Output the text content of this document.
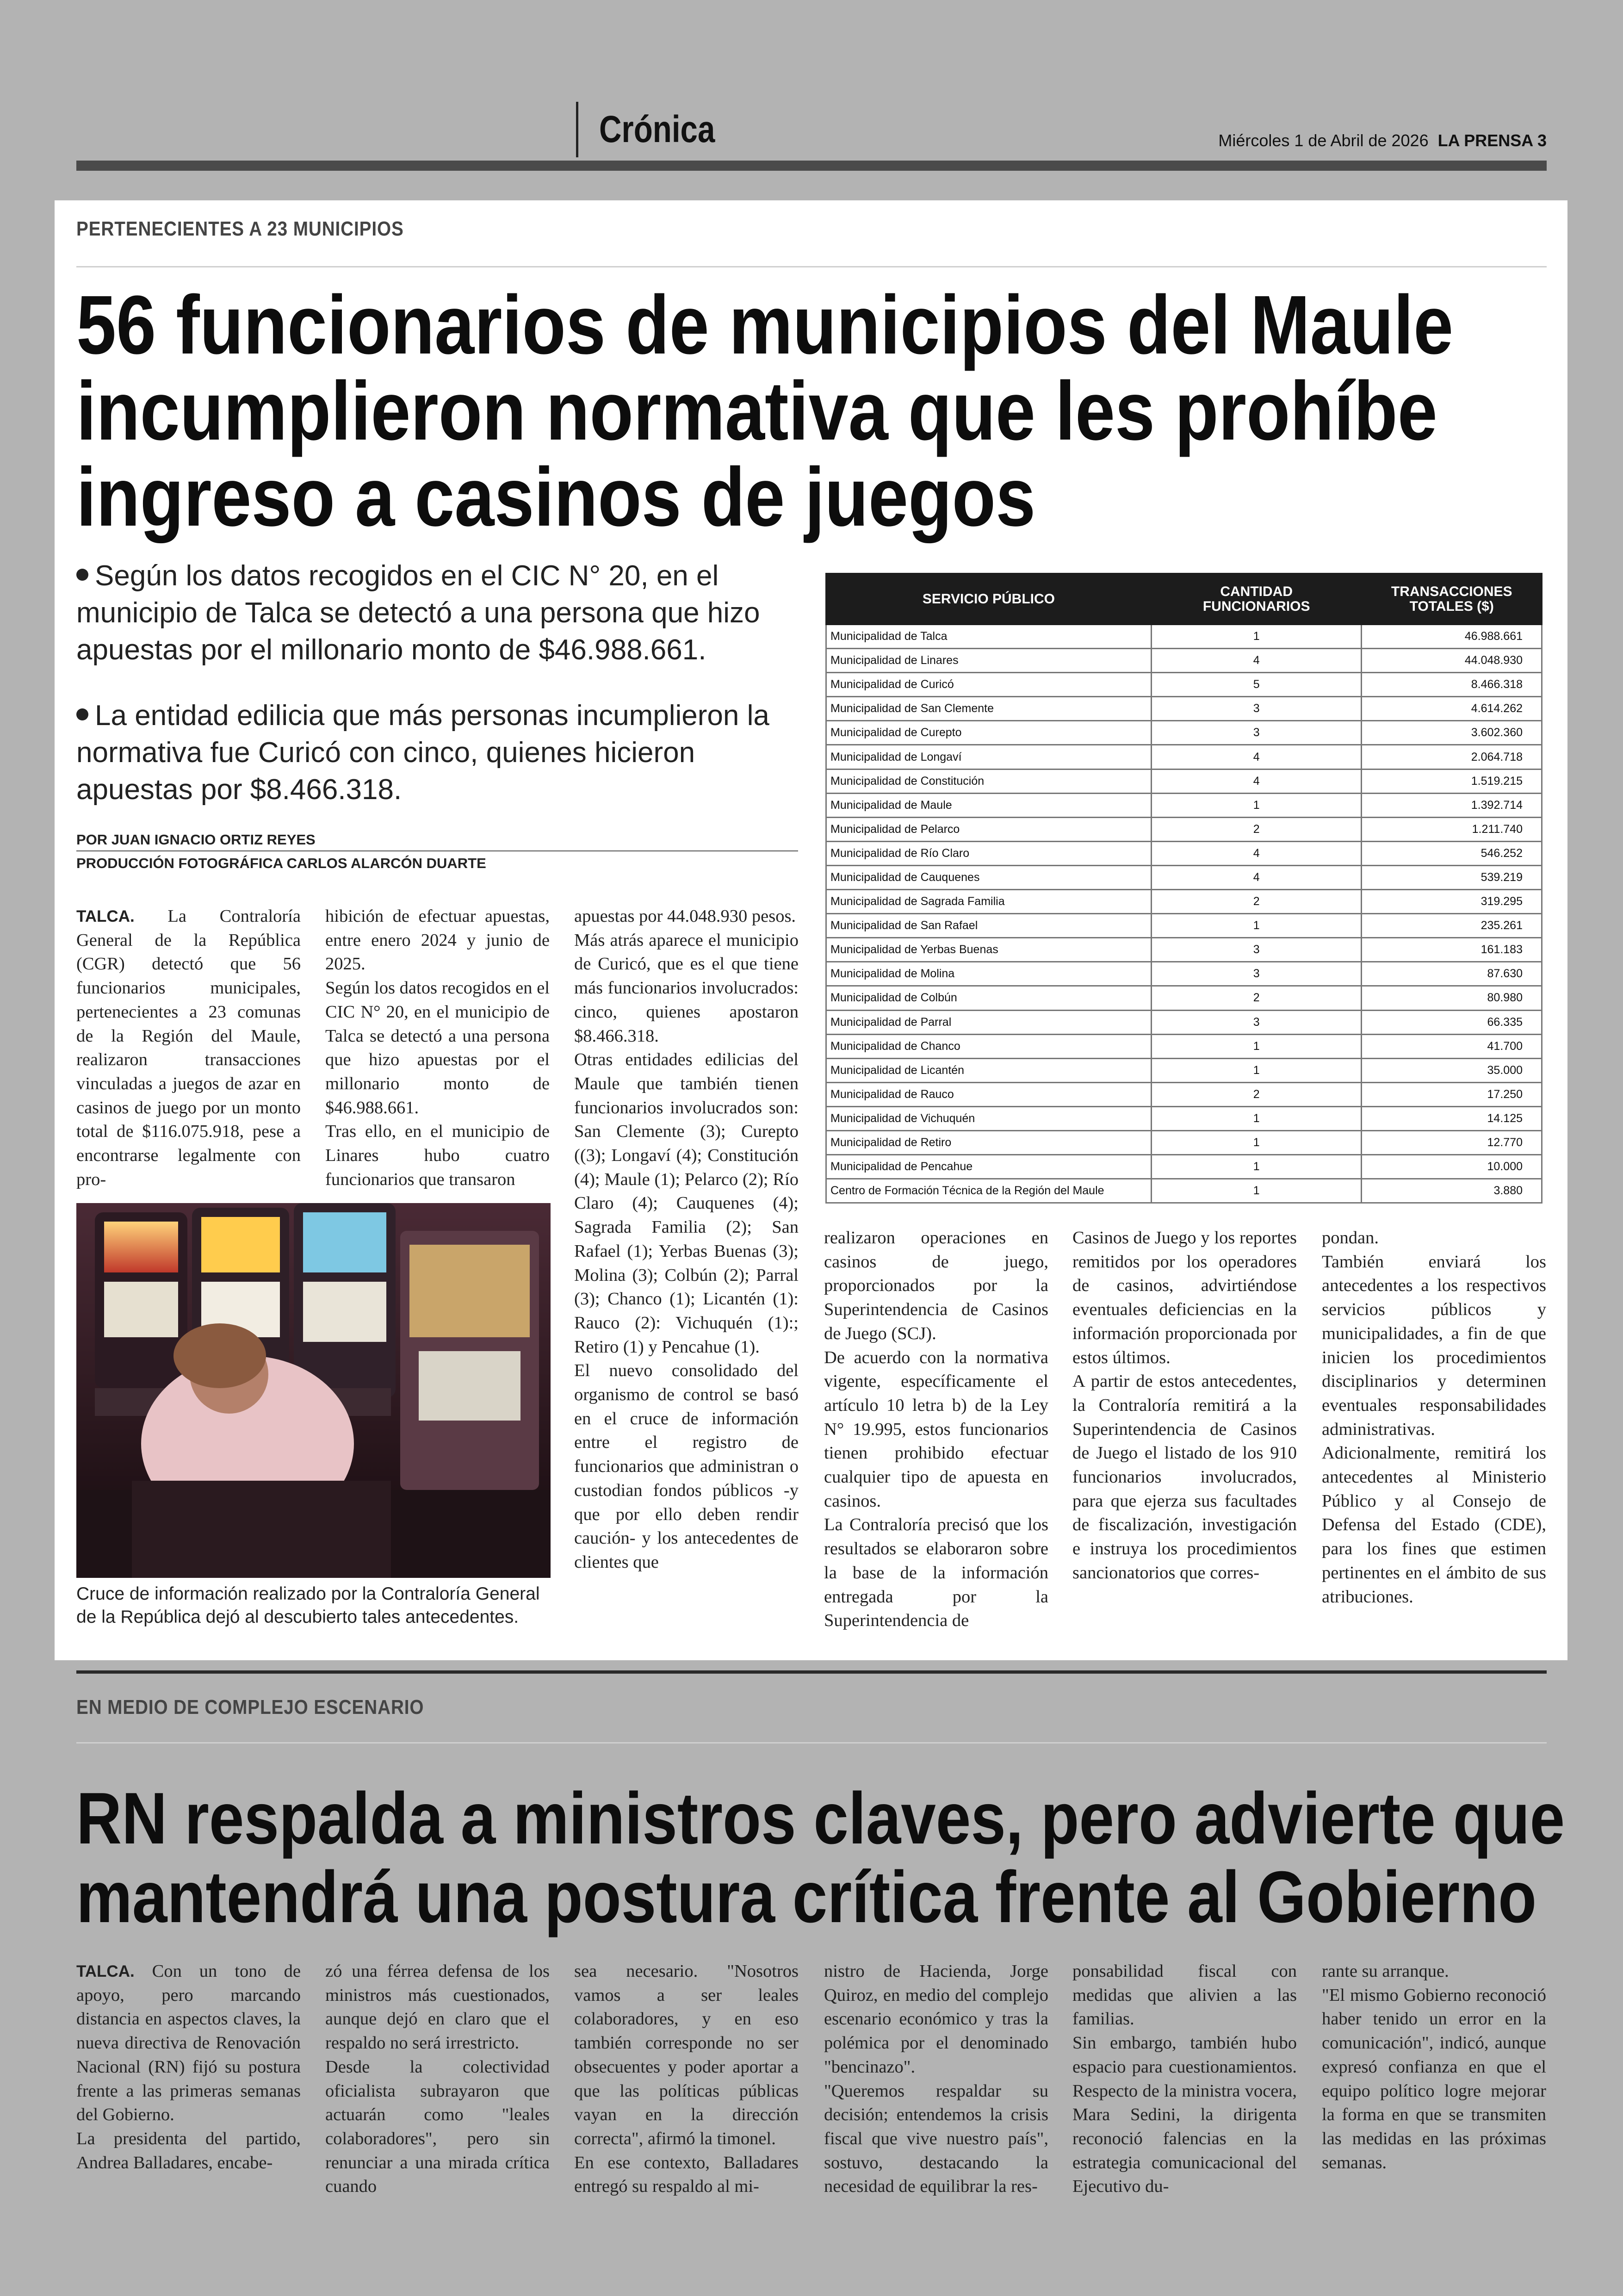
Crónica	Miércoles 1 de Abril de 2026 LA PRENSA 3
PERTENECIENTES A 23 MUNICIPIOS
56 funcionarios de municipios del Maule
incumplieron normativa que les prohíbe
ingreso a casinos de juegos

Según los datos recogidos en el CIC N° 20, en el municipio de Talca se detectó a una persona que hizo apuestas por el millonario monto de $46.988.661.

La entidad edilicia que más personas incumplieron la normativa fue Curicó con cinco, quienes hicieron apuestas por $8.466.318.

POR JUAN IGNACIO ORTIZ REYES
PRODUCCIÓN FOTOGRÁFICA CARLOS ALARCÓN DUARTE

TALCA. La Contraloría General de la República (CGR) detectó que 56 funcionarios municipales, pertenecientes a 23 comunas de la Región del Maule, realizaron transacciones vinculadas a juegos de azar en casinos de juego por un monto total de $116.075.918, pese a encontrarse legalmente con pro-

hibición de efectuar apuestas, entre enero 2024 y junio de 2025.

Según los datos recogidos en el CIC N° 20, en el municipio de Talca se detectó a una persona que hizo apuestas por el millonario monto de $46.988.661.

Tras ello, en el municipio de Linares hubo cuatro funcionarios que transaron

apuestas por 44.048.930 pesos.

Más atrás aparece el municipio de Curicó, que es el que tiene más funcionarios involucrados: cinco, quienes apostaron $8.466.318.

Otras entidades edilicias del Maule que también tienen funcionarios involucrados son: San Clemente (3); Curepto ((3); Longaví (4); Constitución (4); Maule (1); Pelarco (2); Río Claro (4); Cauquenes (4); Sagrada Familia (2); San Rafael (1); Yerbas Buenas (3); Molina (3); Colbún (2); Parral (3); Chanco (1); Licantén (1): Rauco (2): Vichuquén (1):; Retiro (1) y Pencahue (1).

El nuevo consolidado del organismo de control se basó en el cruce de información entre el registro de funcionarios que administran o custodian fondos públicos -y que por ello deben rendir caución- y los antecedentes de clientes que

realizaron operaciones en casinos de juego, proporcionados por la Superintendencia de Casinos de Juego (SCJ).

De acuerdo con la normativa vigente, específicamente el artículo 10 letra b) de la Ley N° 19.995, estos funcionarios tienen prohibido efectuar cualquier tipo de apuesta en casinos.

La Contraloría precisó que los resultados se elaboraron sobre la base de la información entregada por la Superintendencia de

Casinos de Juego y los reportes remitidos por los operadores de casinos, advirtiéndose eventuales deficiencias en la información proporcionada por estos últimos.

A partir de estos antecedentes, la Contraloría remitirá a la Superintendencia de Casinos de Juego el listado de los 910 funcionarios involucrados, para que ejerza sus facultades de fiscalización, investigación e instruya los procedimientos sancionatorios que corres-

pondan.

También enviará los antecedentes a los respectivos servicios públicos y municipalidades, a fin de que inicien los procedimientos disciplinarios y determinen eventuales responsabilidades administrativas.

Adicionalmente, remitirá los antecedentes al Ministerio Público y al Consejo de Defensa del Estado (CDE), para los fines que estimen pertinentes en el ámbito de sus atribuciones.

SERVICIO PÚBLICO	CANTIDAD FUNCIONARIOS	TRANSACCIONES TOTALES ($)
Municipalidad de Talca	1	46.988.661
Municipalidad de Linares	4	44.048.930
Municipalidad de Curicó	5	8.466.318
Municipalidad de San Clemente	3	4.614.262
Municipalidad de Curepto	3	3.602.360
Municipalidad de Longaví	4	2.064.718
Municipalidad de Constitución	4	1.519.215
Municipalidad de Maule	1	1.392.714
Municipalidad de Pelarco	2	1.211.740
Municipalidad de Río Claro	4	546.252
Municipalidad de Cauquenes	4	539.219
Municipalidad de Sagrada Familia	2	319.295
Municipalidad de San Rafael	1	235.261
Municipalidad de Yerbas Buenas	3	161.183
Municipalidad de Molina	3	87.630
Municipalidad de Colbún	2	80.980
Municipalidad de Parral	3	66.335
Municipalidad de Chanco	1	41.700
Municipalidad de Licantén	1	35.000
Municipalidad de Rauco	2	17.250
Municipalidad de Vichuquén	1	14.125
Municipalidad de Retiro	1	12.770
Municipalidad de Pencahue	1	10.000
Centro de Formación Técnica de la Región del Maule	1	3.880
Cruce de información realizado por la Contraloría General de la República dejó al descubierto tales antecedentes.
EN MEDIO DE COMPLEJO ESCENARIO
RN respalda a ministros claves, pero advierte que
mantendrá una postura crítica frente al Gobierno

TALCA. Con un tono de apoyo, pero marcando distancia en aspectos claves, la nueva directiva de Renovación Nacional (RN) fijó su postura frente a las primeras semanas del Gobierno.

La presidenta del partido, Andrea Balladares, encabe-

zó una férrea defensa de los ministros más cuestionados, aunque dejó en claro que el respaldo no será irrestricto.

Desde la colectividad oficialista subrayaron que actuarán como "leales colaboradores", pero sin renunciar a una mirada crítica cuando

sea necesario. "Nosotros vamos a ser leales colaboradores, y en eso también corresponde no ser obsecuentes y poder aportar a que las políticas públicas vayan en la dirección correcta", afirmó la timonel.

En ese contexto, Balladares entregó su respaldo al mi-

nistro de Hacienda, Jorge Quiroz, en medio del complejo escenario económico y tras la polémica por el denominado "bencinazo".

"Queremos respaldar su decisión; entendemos la crisis fiscal que vive nuestro país", sostuvo, destacando la necesidad de equilibrar la res-

ponsabilidad fiscal con medidas que alivien a las familias.

Sin embargo, también hubo espacio para cuestionamientos. Respecto de la ministra vocera, Mara Sedini, la dirigenta reconoció falencias en la estrategia comunicacional del Ejecutivo du-

rante su arranque.

"El mismo Gobierno reconoció haber tenido un error en la comunicación", indicó, aunque expresó confianza en que el equipo político logre mejorar la forma en que se transmiten las medidas en las próximas semanas.
